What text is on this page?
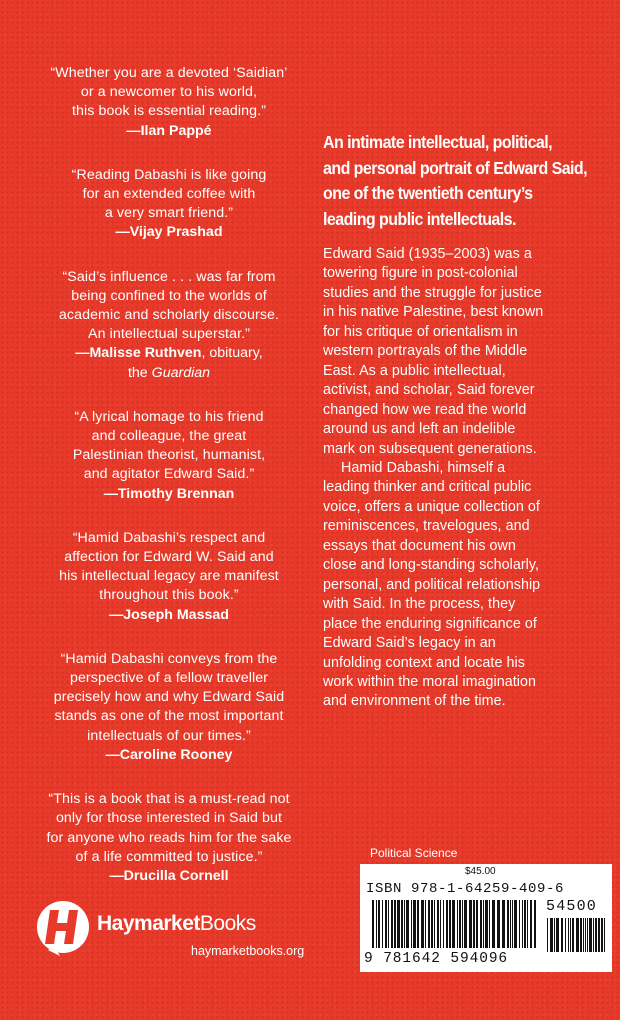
“Whether you are a devoted ‘Saidian’
or a newcomer to his world,
this book is essential reading.”
—Ilan Pappé
“Reading Dabashi is like going
for an extended coffee with
a very smart friend.”
—Vijay Prashad
“Said’s influence . . . was far from
being confined to the worlds of
academic and scholarly discourse.
An intellectual superstar.”
—Malisse Ruthven, obituary,
the Guardian
“A lyrical homage to his friend
and colleague, the great
Palestinian theorist, humanist,
and agitator Edward Said.”
—Timothy Brennan
“Hamid Dabashi’s respect and
affection for Edward W. Said and
his intellectual legacy are manifest
throughout this book.”
—Joseph Massad
“Hamid Dabashi conveys from the
perspective of a fellow traveller
precisely how and why Edward Said
stands as one of the most important
intellectuals of our times.”
—Caroline Rooney
“This is a book that is a must-read not
only for those interested in Said but
for anyone who reads him for the sake
of a life committed to justice.”
—Drucilla Cornell
An intimate intellectual, political,
and personal portrait of Edward Said,
one of the twentieth century’s
leading public intellectuals.
Edward Said (1935–2003) was a
towering figure in post-colonial
studies and the struggle for justice
in his native Palestine, best known
for his critique of orientalism in
western portrayals of the Middle
East. As a public intellectual,
activist, and scholar, Said forever
changed how we read the world
around us and left an indelible
mark on subsequent generations.
Hamid Dabashi, himself a
leading thinker and critical public
voice, offers a unique collection of
reminiscences, travelogues, and
essays that document his own
close and long-standing scholarly,
personal, and political relationship
with Said. In the process, they
place the enduring significance of
Edward Said’s legacy in an
unfolding context and locate his
work within the moral imagination
and environment of the time.
Political Science
$45.00
ISBN 978-1-64259-409-6
54500
9 781642 594096
HaymarketBooks
haymarketbooks.org
